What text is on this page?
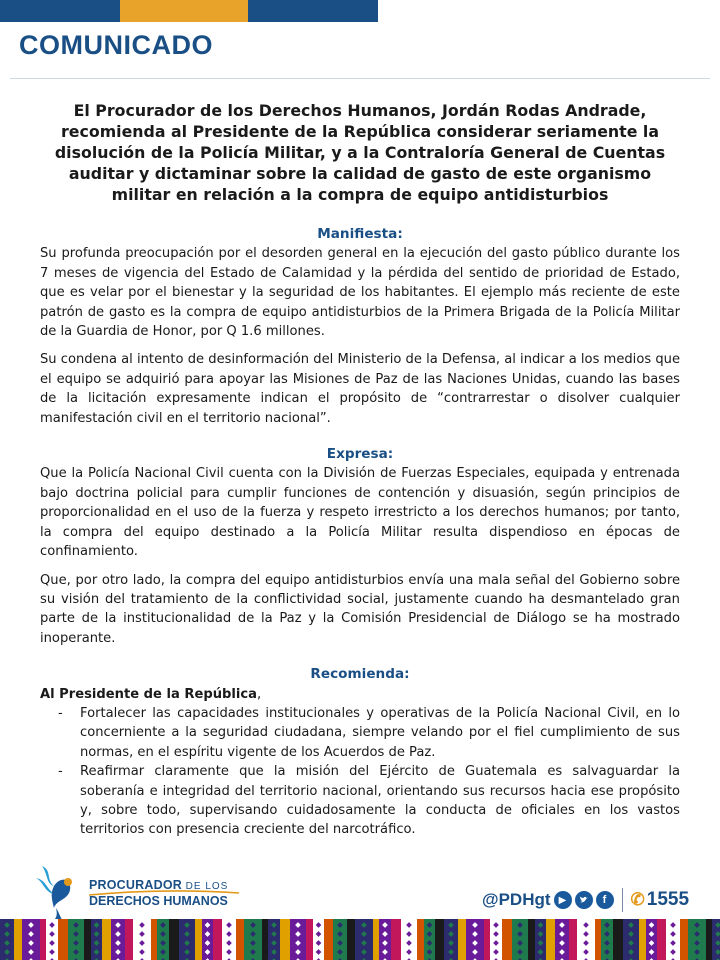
COMUNICADO
El Procurador de los Derechos Humanos, Jordán Rodas Andrade, recomienda al Presidente de la República considerar seriamente la disolución de la Policía Militar, y a la Contraloría General de Cuentas auditar y dictaminar sobre la calidad de gasto de este organismo militar en relación a la compra de equipo antidisturbios

Manifiesta:

Su profunda preocupación por el desorden general en la ejecución del gasto público durante los 7 meses de vigencia del Estado de Calamidad y la pérdida del sentido de prioridad de Estado, que es velar por el bienestar y la seguridad de los habitantes. El ejemplo más reciente de este patrón de gasto es la compra de equipo antidisturbios de la Primera Brigada de la Policía Militar de la Guardia de Honor, por Q 1.6 millones.

Su condena al intento de desinformación del Ministerio de la Defensa, al indicar a los medios que el equipo se adquirió para apoyar las Misiones de Paz de las Naciones Unidas, cuando las bases de la licitación expresamente indican el propósito de “contrarrestar o disolver cualquier manifestación civil en el territorio nacional”.

Expresa:

Que la Policía Nacional Civil cuenta con la División de Fuerzas Especiales, equipada y entrenada bajo doctrina policial para cumplir funciones de contención y disuasión, según principios de proporcionalidad en el uso de la fuerza y respeto irrestricto a los derechos humanos; por tanto, la compra del equipo destinado a la Policía Militar resulta dispendioso en épocas de confinamiento.

Que, por otro lado, la compra del equipo antidisturbios envía una mala señal del Gobierno sobre su visión del tratamiento de la conflictividad social, justamente cuando ha desmantelado gran parte de la institucionalidad de la Paz y la Comisión Presidencial de Diálogo se ha mostrado inoperante.

Recomienda:

Al Presidente de la República,

-	Fortalecer las capacidades institucionales y operativas de la Policía Nacional Civil, en lo concerniente a la seguridad ciudadana, siempre velando por el fiel cumplimiento de sus normas, en el espíritu vigente de los Acuerdos de Paz.
-	Reafirmar claramente que la misión del Ejército de Guatemala es salvaguardar la soberanía e integridad del territorio nacional, orientando sus recursos hacia ese propósito y, sobre todo, supervisando cuidadosamente la conducta de oficiales en los vastos territorios con presencia creciente del narcotráfico.
PROCURADOR DE LOS
DERECHOS HUMANOS	@PDHgt ▶	f	✆ 1555
